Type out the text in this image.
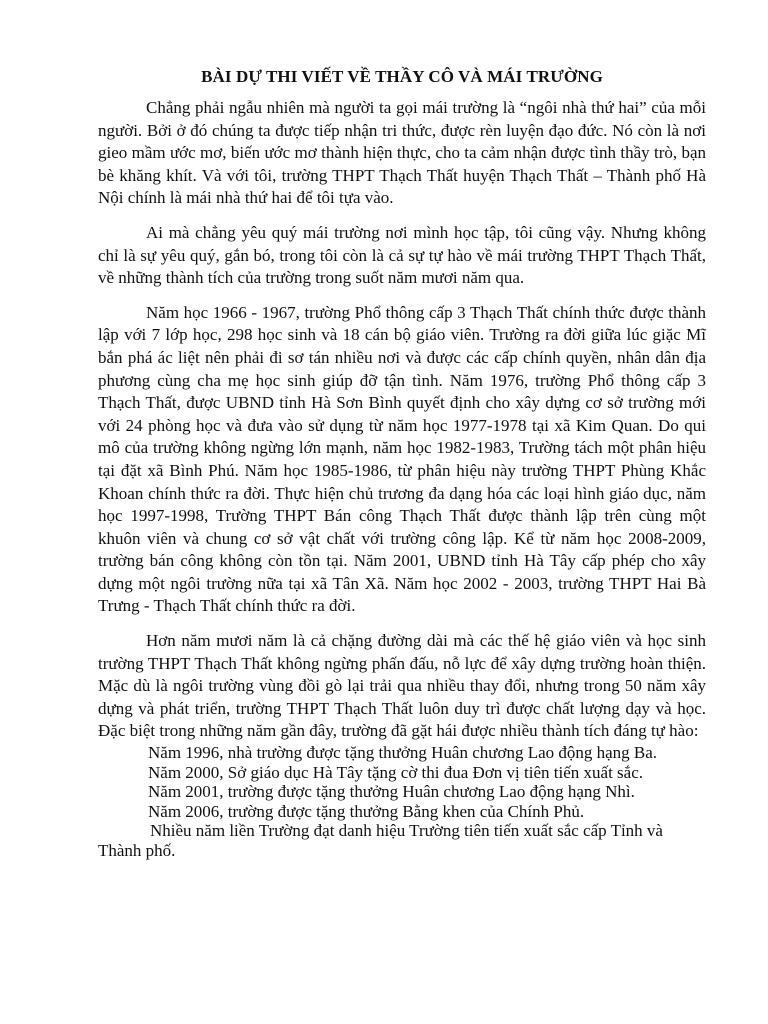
BÀI DỰ THI VIẾT VỀ THẦY CÔ VÀ MÁI TRƯỜNG

Chẳng phải ngẫu nhiên mà người ta gọi mái trường là “ngôi nhà thứ hai” của mỗi người. Bởi ở đó chúng ta được tiếp nhận tri thức, được rèn luyện đạo đức. Nó còn là nơi gieo mầm ước mơ, biến ước mơ thành hiện thực, cho ta cảm nhận được tình thầy trò, bạn bè khăng khít. Và với tôi, trường THPT Thạch Thất huyện Thạch Thất – Thành phố Hà Nội chính là mái nhà thứ hai để tôi tựa vào.

Ai mà chẳng yêu quý mái trường nơi mình học tập, tôi cũng vậy. Nhưng không chỉ là sự yêu quý, gắn bó, trong tôi còn là cả sự tự hào về mái trường THPT Thạch Thất, về những thành tích của trường trong suốt năm mươi năm qua.

Năm học 1966 - 1967, trường Phổ thông cấp 3 Thạch Thất chính thức được thành lập với 7 lớp học, 298 học sinh và 18 cán bộ giáo viên. Trường ra đời giữa lúc giặc Mĩ bắn phá ác liệt nên phải đi sơ tán nhiều nơi và được các cấp chính quyền, nhân dân địa phương cùng cha mẹ học sinh giúp đỡ tận tình. Năm 1976, trường Phổ thông cấp 3 Thạch Thất, được UBND tỉnh Hà Sơn Bình quyết định cho xây dựng cơ sở trường mới với 24 phòng học và đưa vào sử dụng từ năm học 1977-1978 tại xã Kim Quan. Do qui mô của trường không ngừng lớn mạnh, năm học 1982-1983, Trường tách một phân hiệu tại đặt xã Bình Phú. Năm học 1985-1986, từ phân hiệu này trường THPT Phùng Khắc Khoan chính thức ra đời. Thực hiện chủ trương đa dạng hóa các loại hình giáo dục, năm học 1997-1998, Trường THPT Bán công Thạch Thất được thành lập trên cùng một khuôn viên và chung cơ sở vật chất với trường công lập. Kể từ năm học 2008-2009, trường bán công không còn tồn tại. Năm 2001, UBND tỉnh Hà Tây cấp phép cho xây dựng một ngôi trường nữa tại xã Tân Xã. Năm học 2002 - 2003, trường THPT Hai Bà Trưng - Thạch Thất chính thức ra đời.

Hơn năm mươi năm là cả chặng đường dài mà các thế hệ giáo viên và học sinh trường THPT Thạch Thất không ngừng phấn đấu, nỗ lực để xây dựng trường hoàn thiện. Mặc dù là ngôi trường vùng đồi gò lại trải qua nhiều thay đổi, nhưng trong 50 năm xây dựng và phát triển, trường THPT Thạch Thất luôn duy trì được chất lượng dạy và học. Đặc biệt trong những năm gần đây, trường đã gặt hái được nhiều thành tích đáng tự hào:

Năm 1996, nhà trường được tặng thưởng Huân chương Lao động hạng Ba.
Năm 2000, Sở giáo dục Hà Tây tặng cờ thi đua Đơn vị tiên tiến xuất sắc.
Năm 2001, trường được tặng thưởng Huân chương Lao động hạng Nhì.
Năm 2006, trường được tặng thưởng Bằng khen của Chính Phủ.
Nhiều năm liền Trường đạt danh hiệu Trường tiên tiến xuất sắc cấp Tỉnh và Thành phố.
